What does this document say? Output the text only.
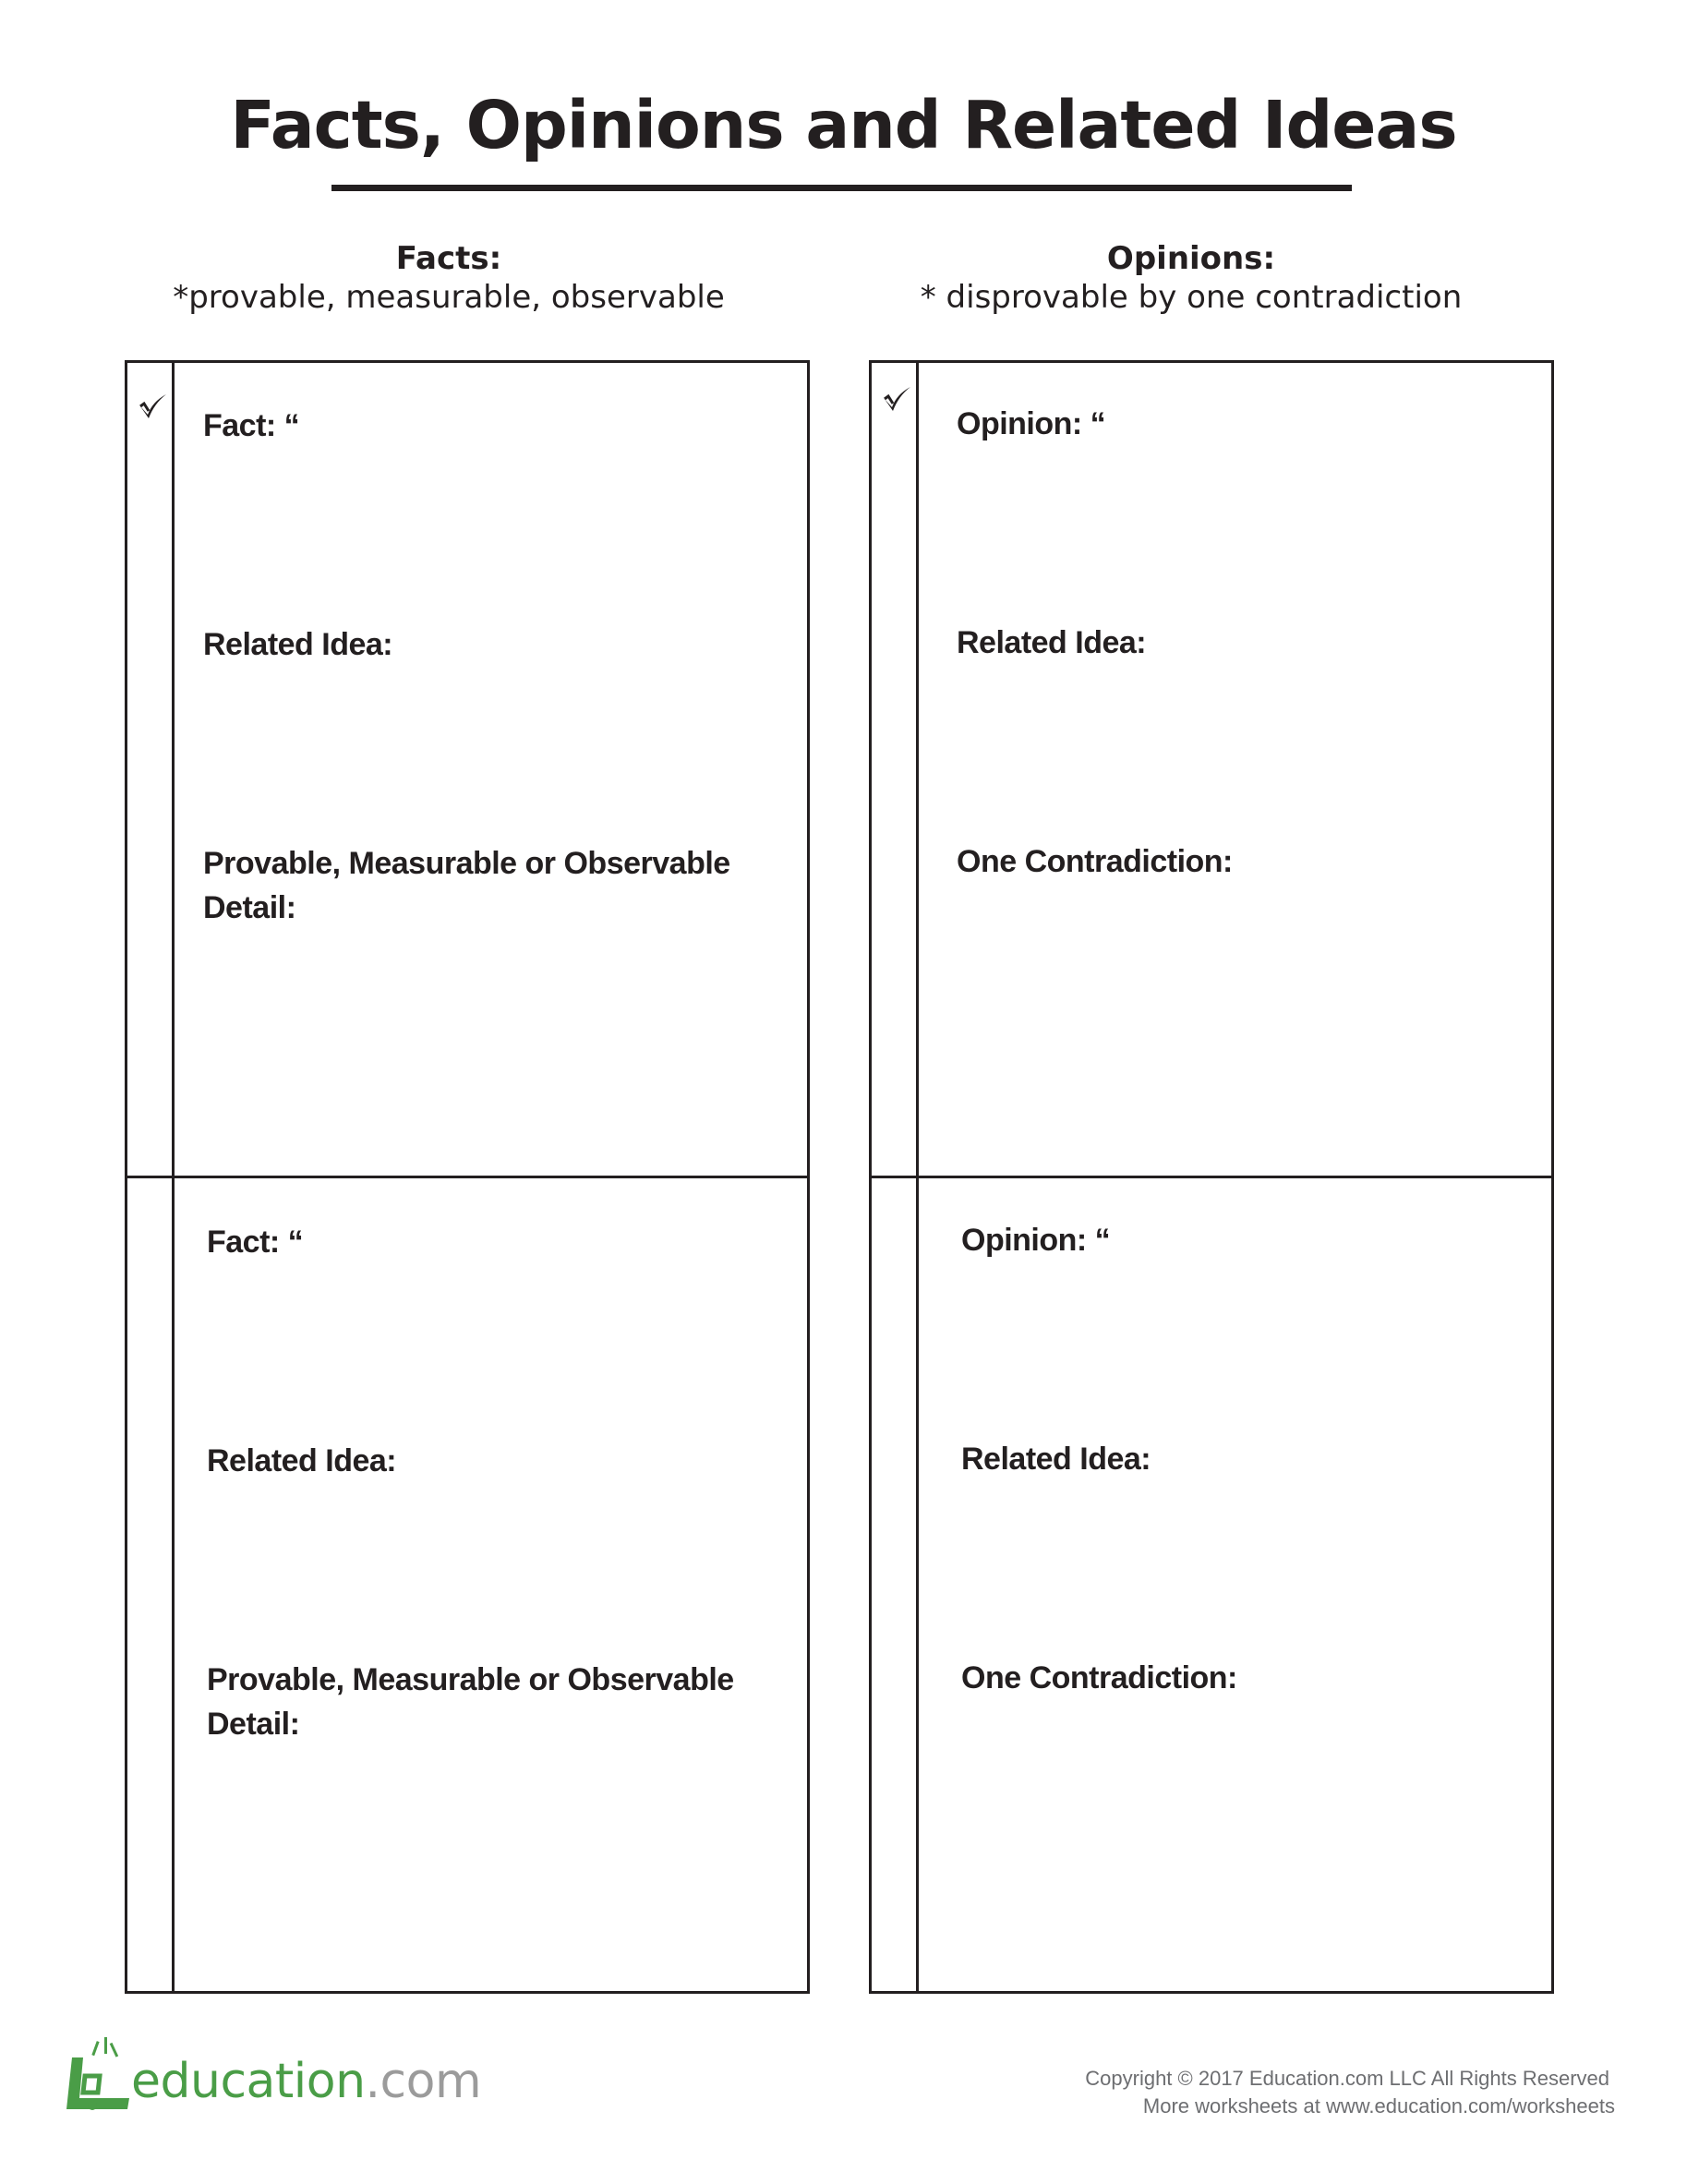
Facts, Opinions and Related Ideas
Facts:
*provable, measurable, observable
Opinions:
* disprovable by one contradiction
Fact: “
Related Idea:
Provable, Measurable or Observable Detail:
Fact: “
Related Idea:
Provable, Measurable or Observable Detail:
Opinion: “
Related Idea:
One Contradiction:
Opinion: “
Related Idea:
One Contradiction:
education.com	Copyright © 2017 Education.com LLC All Rights Reserved
More worksheets at www.education.com/worksheets
